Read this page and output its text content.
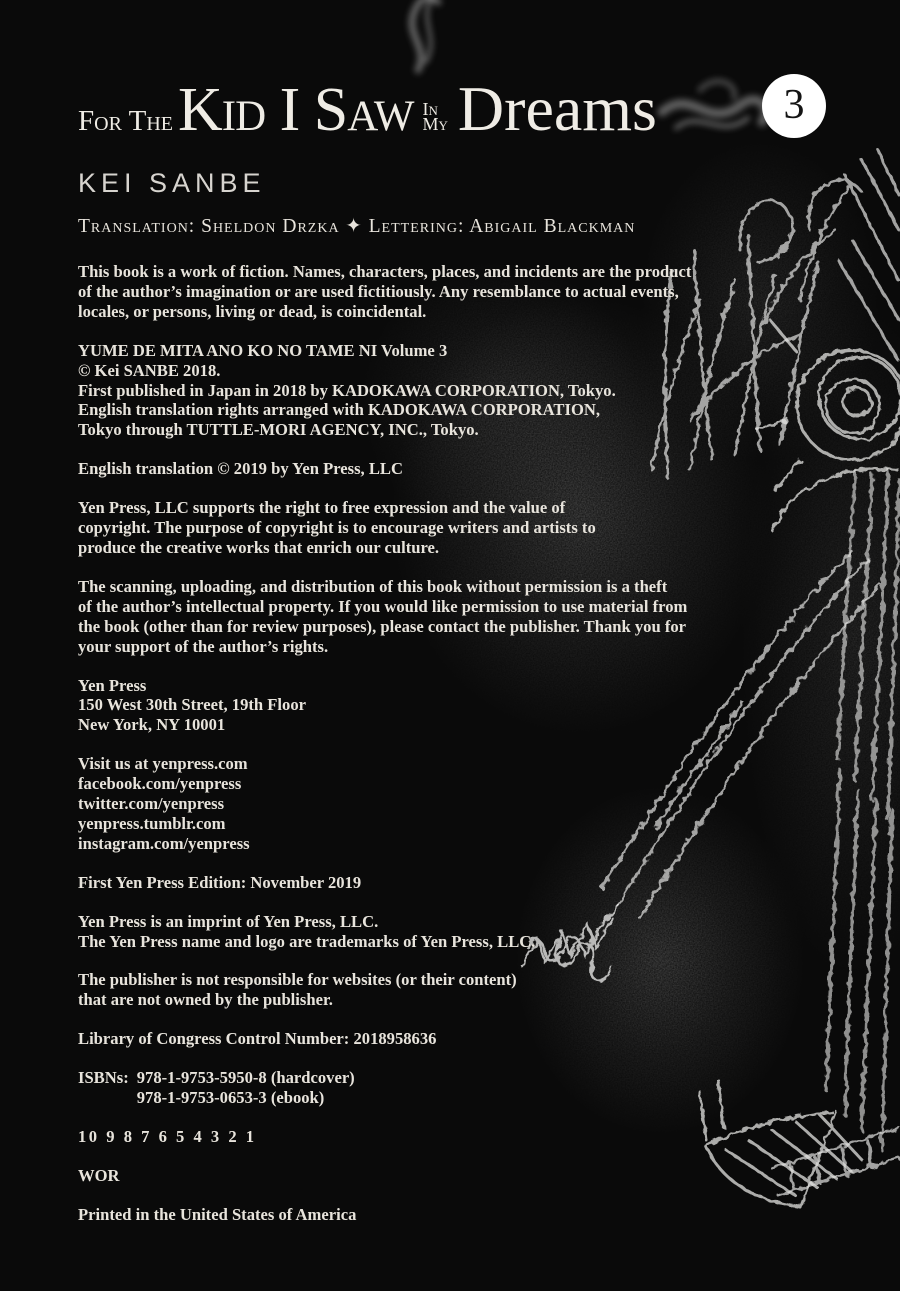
For The Kid I Saw In
My Dreams	3
KEI SANBE
Translation: Sheldon Drzka ✦ Lettering: Abigail Blackman

This book is a work of fiction. Names, characters, places, and incidents are the product
of the author’s imagination or are used fictitiously. Any resemblance to actual events,
locales, or persons, living or dead, is coincidental.

YUME DE MITA ANO KO NO TAME NI Volume 3
© Kei SANBE 2018.
First published in Japan in 2018 by KADOKAWA CORPORATION, Tokyo.
English translation rights arranged with KADOKAWA CORPORATION,
Tokyo through TUTTLE-MORI AGENCY, INC., Tokyo.

English translation © 2019 by Yen Press, LLC

Yen Press, LLC supports the right to free expression and the value of
copyright. The purpose of copyright is to encourage writers and artists to
produce the creative works that enrich our culture.

The scanning, uploading, and distribution of this book without permission is a theft
of the author’s intellectual property. If you would like permission to use material from
the book (other than for review purposes), please contact the publisher. Thank you for
your support of the author’s rights.

Yen Press
150 West 30th Street, 19th Floor
New York, NY 10001

Visit us at yenpress.com
facebook.com/yenpress
twitter.com/yenpress
yenpress.tumblr.com
instagram.com/yenpress

First Yen Press Edition: November 2019

Yen Press is an imprint of Yen Press, LLC.
The Yen Press name and logo are trademarks of Yen Press, LLC.

The publisher is not responsible for websites (or their content)
that are not owned by the publisher.

Library of Congress Control Number: 2018958636

ISBNs: 978-1-9753-5950-8 (hardcover)
978-1-9753-0653-3 (ebook)

10 9 8 7 6 5 4 3 2 1

WOR

Printed in the United States of America
